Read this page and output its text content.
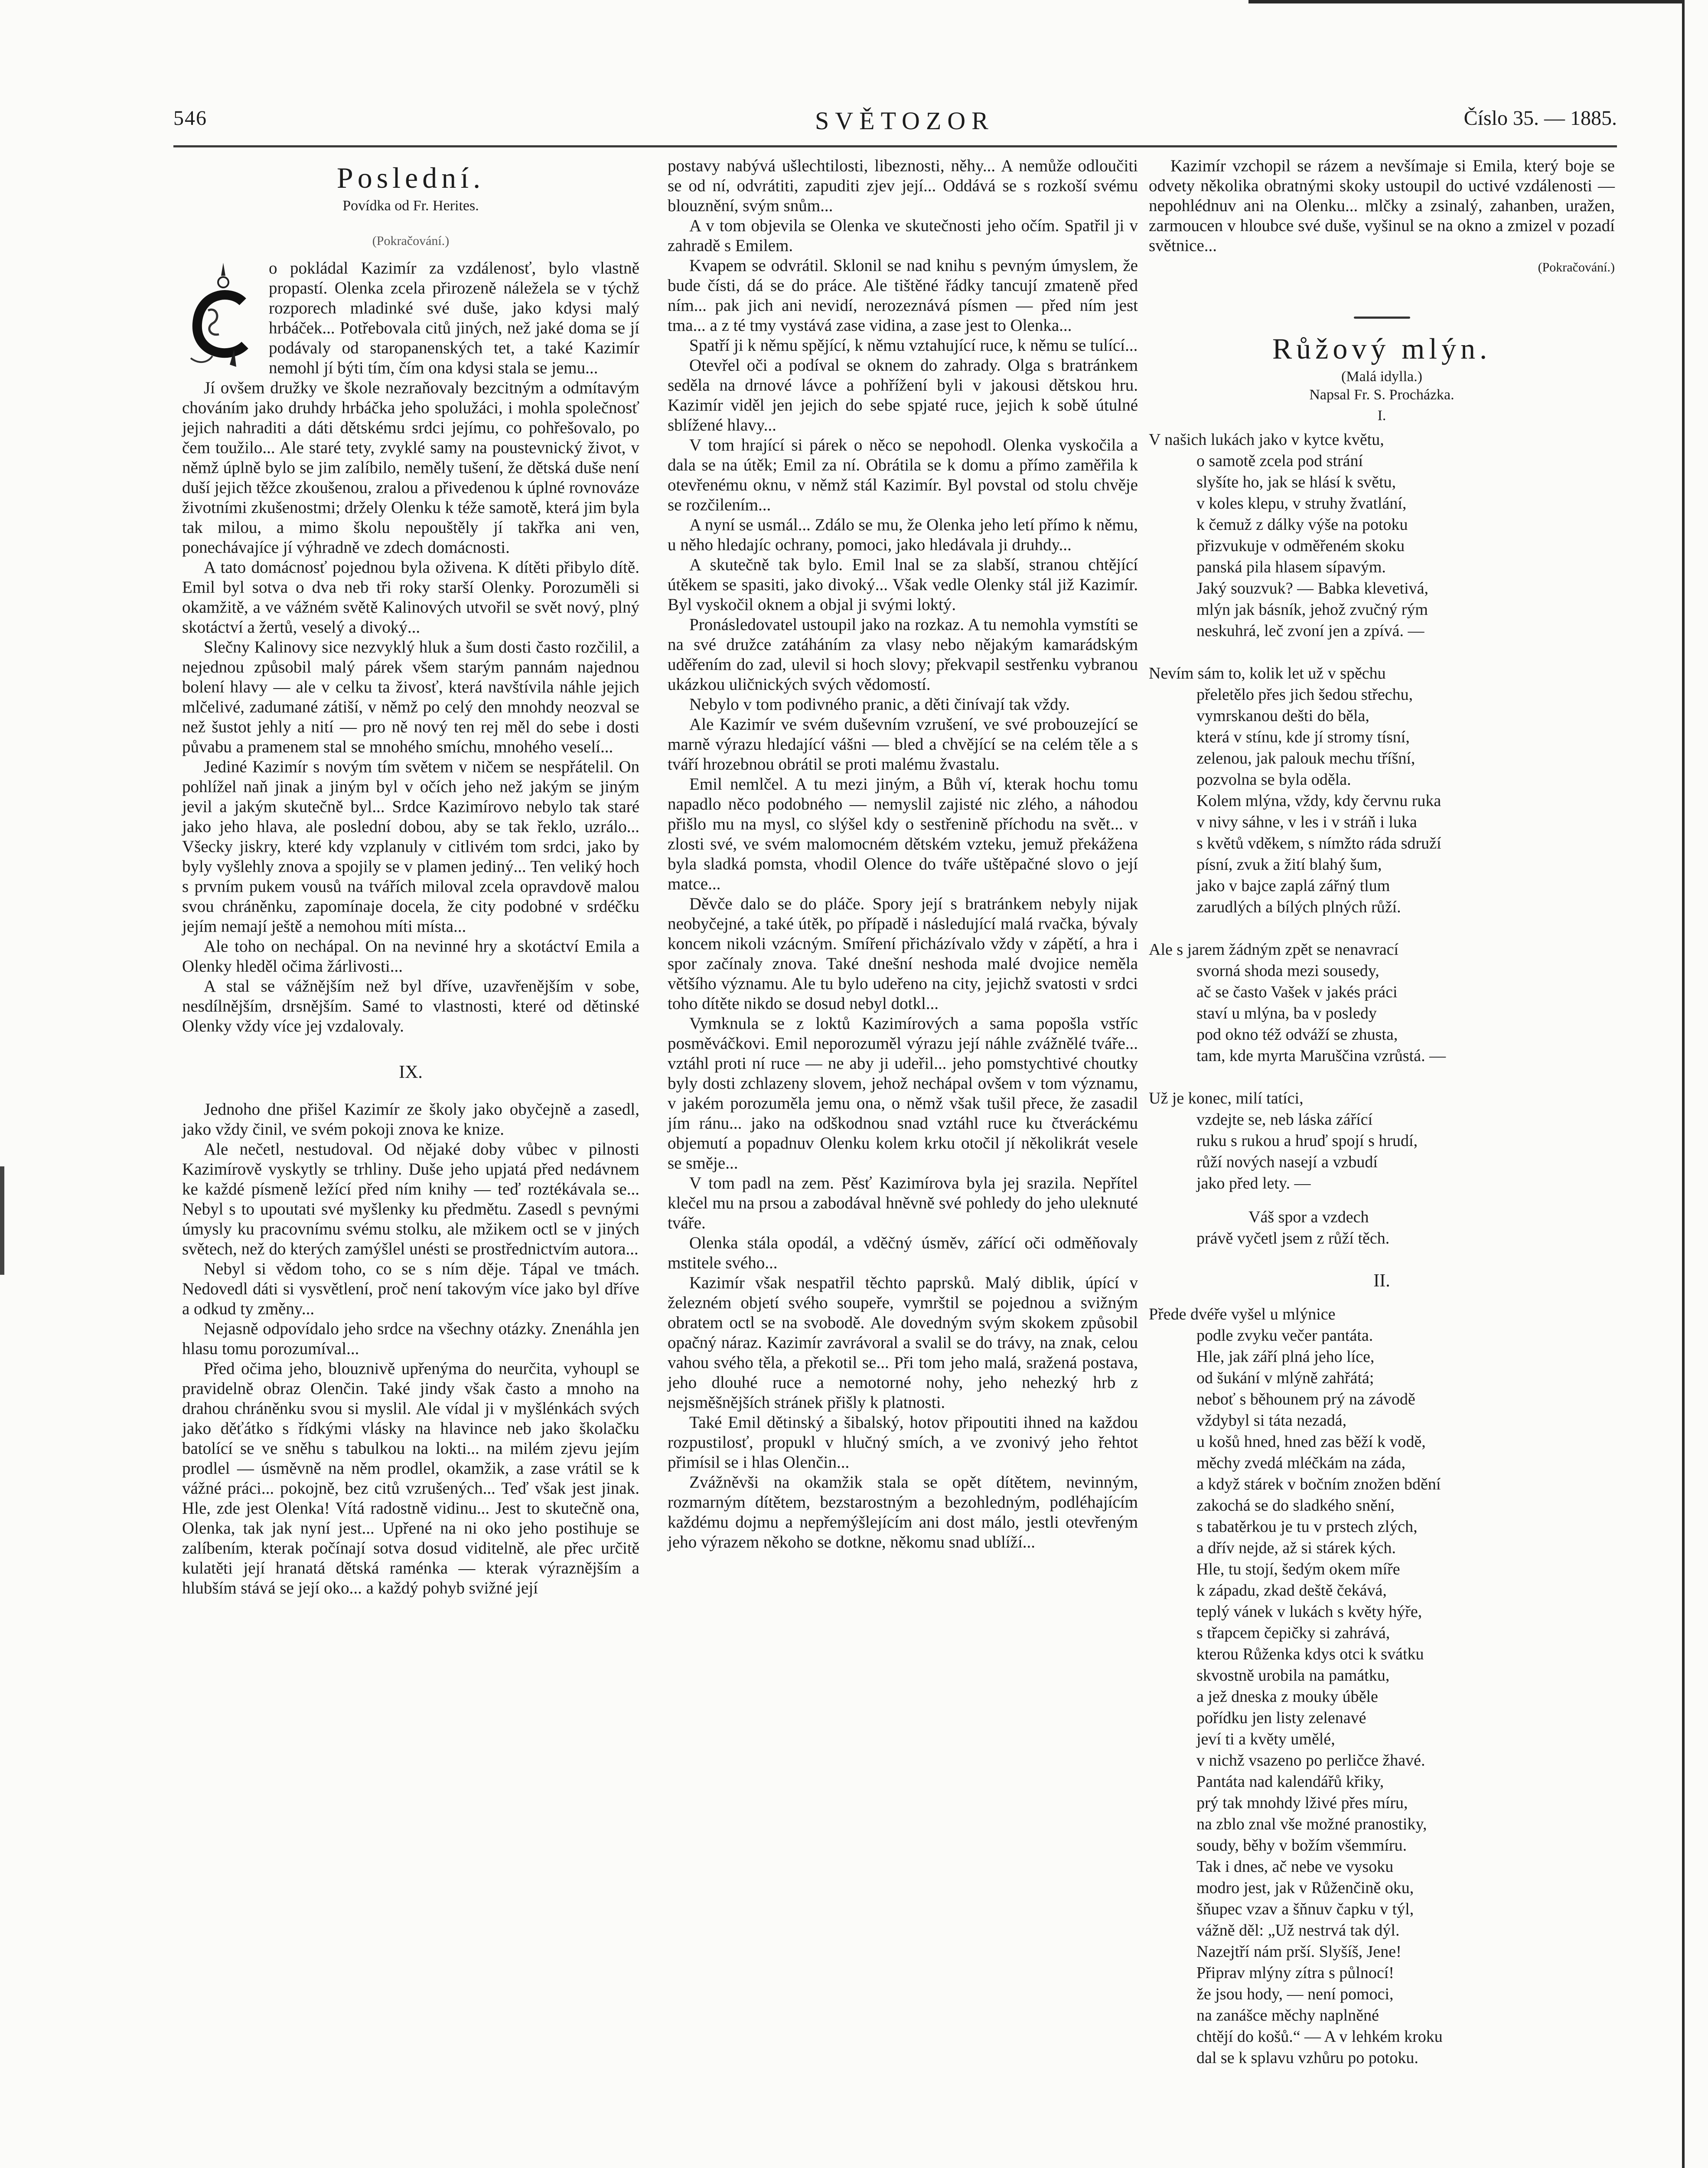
546	SVĚTOZOR	Číslo 35. — 1885.
Poslední.
Povídka od Fr. Herites.
(Pokračování.)

o pokládal Kazimír za vzdálenosť, bylo vlastně propastí. Olenka zcela přirozeně náležela se v týchž rozporech mladinké své duše, jako kdysi malý hrbáček... Potřebovala citů jiných, než jaké doma se jí podávaly od staropanenských tet, a také Kazimír nemohl jí býti tím, čím ona kdysi stala se jemu...

Jí ovšem družky ve škole nezraňovaly bezcitným a odmítavým chováním jako druhdy hrbáčka jeho spolužáci, i mohla společnosť jejich nahraditi a dáti dětskému srdci jejímu, co pohřešovalo, po čem toužilo... Ale staré tety, zvyklé samy na poustevnický život, v němž úplně bylo se jim zalíbilo, neměly tušení, že dětská duše není duší jejich těžce zkoušenou, zralou a přivedenou k úplné rovnováze životními zkušenostmi; držely Olenku k téže samotě, která jim byla tak milou, a mimo školu nepouštěly jí takřka ani ven, ponechávajíce jí výhradně ve zdech domácnosti.

A tato domácnosť pojednou byla oživena. K dítěti přibylo dítě. Emil byl sotva o dva neb tři roky starší Olenky. Porozuměli si okamžitě, a ve vážném světě Kalinových utvořil se svět nový, plný skotáctví a žertů, veselý a divoký...

Slečny Kalinovy sice nezvyklý hluk a šum dosti často rozčilil, a nejednou způsobil malý párek všem starým pannám najednou bolení hlavy — ale v celku ta živosť, která navštívila náhle jejich mlčelivé, zadumané zátiší, v němž po celý den mnohdy neozval se než šustot jehly a nití — pro ně nový ten rej měl do sebe i dosti půvabu a pramenem stal se mnohého smíchu, mnohého veselí...

Jediné Kazimír s novým tím světem v ničem se nespřátelil. On pohlížel naň jinak a jiným byl v očích jeho než jakým se jiným jevil a jakým skutečně byl... Srdce Kazimírovo nebylo tak staré jako jeho hlava, ale poslední dobou, aby se tak řeklo, uzrálo... Všecky jiskry, které kdy vzplanuly v citlivém tom srdci, jako by byly vyšlehly znova a spojily se v plamen jediný... Ten veliký hoch s prvním pukem vousů na tvářích miloval zcela opravdově malou svou chráněnku, zapomínaje docela, že city podobné v srdéčku jejím nemají ještě a nemohou míti místa...

Ale toho on nechápal. On na nevinné hry a skotáctví Emila a Olenky hleděl očima žárlivosti...

A stal se vážnějším než byl dříve, uzavřenějším v sobe, nesdílnějším, drsnějším. Samé to vlastnosti, které od dětinské Olenky vždy více jej vzdalovaly.

IX.

Jednoho dne přišel Kazimír ze školy jako obyčejně a zasedl, jako vždy činil, ve svém pokoji znova ke knize.

Ale nečetl, nestudoval. Od nějaké doby vůbec v pilnosti Kazimírově vyskytly se trhliny. Duše jeho upjatá před nedávnem ke každé písmeně ležící před ním knihy — teď roztékávala se... Nebyl s to upoutati své myšlenky ku předmětu. Zasedl s pevnými úmysly ku pracovnímu svému stolku, ale mžikem octl se v jiných světech, než do kterých zamýšlel unésti se prostřednictvím autora...

Nebyl si vědom toho, co se s ním děje. Tápal ve tmách. Nedovedl dáti si vysvětlení, proč není takovým více jako byl dříve a odkud ty změny...

Nejasně odpovídalo jeho srdce na všechny otázky. Znenáhla jen hlasu tomu porozumíval...

Před očima jeho, blouznivě upřenýma do neurčita, vyhoupl se pravidelně obraz Olenčin. Také jindy však často a mnoho na drahou chráněnku svou si myslil. Ale vídal ji v myšlénkách svých jako děťátko s řídkými vlásky na hlavince neb jako školačku batolící se ve sněhu s tabulkou na lokti... na milém zjevu jejím prodlel — úsměvně na něm prodlel, okamžik, a zase vrátil se k vážné práci... pokojně, bez citů vzrušených... Teď však jest jinak. Hle, zde jest Olenka! Vítá radostně vidinu... Jest to skutečně ona, Olenka, tak jak nyní jest... Upřené na ni oko jeho postihuje se zalíbením, kterak počínají sotva dosud viditelně, ale přec určitě kulatěti její hranatá dětská raménka — kterak výraznějším a hlubším stává se její oko... a každý pohyb svižné její

postavy nabývá ušlechtilosti, libeznosti, něhy... A nemůže odloučiti se od ní, odvrátiti, zapuditi zjev její... Oddává se s rozkoší svému blouznění, svým snům...

A v tom objevila se Olenka ve skutečnosti jeho očím. Spatřil ji v zahradě s Emilem.

Kvapem se odvrátil. Sklonil se nad knihu s pevným úmyslem, že bude čísti, dá se do práce. Ale tištěné řádky tancují zmateně před ním... pak jich ani nevidí, nerozeznává písmen — před ním jest tma... a z té tmy vystává zase vidina, a zase jest to Olenka...

Spatří ji k němu spějící, k němu vztahující ruce, k němu se tulící...

Otevřel oči a podíval se oknem do zahrady. Olga s bratránkem seděla na drnové lávce a pohřížení byli v jakousi dětskou hru. Kazimír viděl jen jejich do sebe spjaté ruce, jejich k sobě útulné sblížené hlavy...

V tom hrající si párek o něco se nepohodl. Olenka vyskočila a dala se na útěk; Emil za ní. Obrátila se k domu a přímo zaměřila k otevřenému oknu, v němž stál Kazimír. Byl povstal od stolu chvěje se rozčilením...

A nyní se usmál... Zdálo se mu, že Olenka jeho letí přímo k němu, u něho hledajíc ochrany, pomoci, jako hledávala ji druhdy...

A skutečně tak bylo. Emil lnal se za slabší, stranou chtějící útěkem se spasiti, jako divoký... Však vedle Olenky stál již Kazimír. Byl vyskočil oknem a objal ji svými loktý.

Pronásledovatel ustoupil jako na rozkaz. A tu nemohla vymstíti se na své družce zatáháním za vlasy nebo nějakým kamarádským uděřením do zad, ulevil si hoch slovy; překvapil sestřenku vybranou ukázkou uličnických svých vědomostí.

Nebylo v tom podivného pranic, a děti činívají tak vždy.

Ale Kazimír ve svém duševním vzrušení, ve své probouzející se marně výrazu hledající vášni — bled a chvějící se na celém těle a s tváří hrozebnou obrátil se proti malému žvastalu.

Emil nemlčel. A tu mezi jiným, a Bůh ví, kterak hochu tomu napadlo něco podobného — nemyslil zajisté nic zlého, a náhodou přišlo mu na mysl, co slýšel kdy o sestřenině příchodu na svět... v zlosti své, ve svém malomocném dětském vzteku, jemuž překážena byla sladká pomsta, vhodil Olence do tváře uštěpačné slovo o její matce...

Děvče dalo se do pláče. Spory její s bratránkem nebyly nijak neobyčejné, a také útěk, po případě i následující malá rvačka, bývaly koncem nikoli vzácným. Smíření přicházívalo vždy v zápětí, a hra i spor začínaly znova. Také dnešní neshoda malé dvojice neměla většího významu. Ale tu bylo udeřeno na city, jejichž svatosti v srdci toho dítěte nikdo se dosud nebyl dotkl...

Vymknula se z loktů Kazimírových a sama popošla vstříc posměváčkovi. Emil neporozuměl výrazu její náhle zvážnělé tváře... vztáhl proti ní ruce — ne aby ji udeřil... jeho pomstychtivé choutky byly dosti zchlazeny slovem, jehož nechápal ovšem v tom významu, v jakém porozuměla jemu ona, o němž však tušil přece, že zasadil jím ránu... jako na odškodnou snad vztáhl ruce ku čtveráckému objemutí a popadnuv Olenku kolem krku otočil jí několikrát vesele se směje...

V tom padl na zem. Pěsť Kazimírova byla jej srazila. Nepřítel klečel mu na prsou a zabodával hněvně své pohledy do jeho uleknuté tváře.

Olenka stála opodál, a vděčný úsměv, zářící oči odměňovaly mstitele svého...

Kazimír však nespatřil těchto paprsků. Malý diblik, úpící v železném objetí svého soupeře, vymrštil se pojednou a svižným obratem octl se na svobodě. Ale dovedným svým skokem způsobil opačný náraz. Kazimír zavrávoral a svalil se do trávy, na znak, celou vahou svého těla, a překotil se... Při tom jeho malá, sražená postava, jeho dlouhé ruce a nemotorné nohy, jeho nehezký hrb z nejsměšnějších stránek přišly k platnosti.

Také Emil dětinský a šibalský, hotov připoutiti ihned na každou rozpustilosť, propukl v hlučný smích, a ve zvonivý jeho řehtot přimísil se i hlas Olenčin...

Zvážněvši na okamžik stala se opět dítětem, nevinným, rozmarným dítětem, bezstarostným a bezohledným, podléhajícím každému dojmu a nepřemýšlejícím ani dost málo, jestli otevřeným jeho výrazem někoho se dotkne, někomu snad ublíží...

Kazimír vzchopil se rázem a nevšímaje si Emila, který boje se odvety několika obratnými skoky ustoupil do uctivé vzdálenosti — nepohlédnuv ani na Olenku... mlčky a zsinalý, zahanben, uražen, zarmoucen v hloubce své duše, vyšinul se na okno a zmizel v pozadí světnice...

(Pokračování.)
Růžový mlýn.
(Malá idylla.)
Napsal Fr. S. Procházka.
I.
V našich lukách jako v kytce květu,
o samotě zcela pod strání
slyšíte ho, jak se hlásí k světu,
v koles klepu, v struhy žvatlání,
k čemuž z dálky výše na potoku
přizvukuje v odměřeném skoku
panská pila hlasem sípavým.
Jaký souzvuk? — Babka klevetivá,
mlýn jak básník, jehož zvučný rým
neskuhrá, leč zvoní jen a zpívá. —
Nevím sám to, kolik let už v spěchu
přeletělo přes jich šedou střechu,
vymrskanou dešti do běla,
která v stínu, kde jí stromy tísní,
zelenou, jak palouk mechu tříšní,
pozvolna se byla oděla.
Kolem mlýna, vždy, kdy červnu ruka
v nivy sáhne, v les i v stráň i luka
s květů vděkem, s nímžto ráda sdruží
písní, zvuk a žití blahý šum,
jako v bajce zaplá zářný tlum
zarudlých a bílých plných růží.
Ale s jarem žádným zpět se nenavrací
svorná shoda mezi sousedy,
ač se často Vašek v jakés práci
staví u mlýna, ba v posledy
pod okno též odváží se zhusta,
tam, kde myrta Maruščina vzrůstá. —
Už je konec, milí tatíci,
vzdejte se, neb láska zářící
ruku s rukou a hruď spojí s hrudí,
růží nových nasejí a vzbudí
jako před lety. —
Váš spor a vzdech
právě vyčetl jsem z růží těch.
II.
Přede dvéře vyšel u mlýnice
podle zvyku večer pantáta.
Hle, jak září plná jeho líce,
od šukání v mlýně zahřátá;
neboť s běhounem prý na závodě
vždybyl si táta nezadá,
u košů hned, hned zas běží k vodě,
měchy zvedá mléčkám na záda,
a když stárek v bočním znožen bdění
zakochá se do sladkého snění,
s tabatěrkou je tu v prstech zlých,
a dřív nejde, až si stárek kých.
Hle, tu stojí, šedým okem míře
k západu, zkad deště čekává,
teplý vánek v lukách s květy hýře,
s třapcem čepičky si zahrává,
kterou Růženka kdys otci k svátku
skvostně urobila na památku,
a jež dneska z mouky úběle
pořídku jen listy zelenavé
jeví ti a květy umělé,
v nichž vsazeno po perličce žhavé.
Pantáta nad kalendářů křiky,
prý tak mnohdy lživé přes míru,
na zblo znal vše možné pranostiky,
soudy, běhy v božím všemmíru.
Tak i dnes, ač nebe ve vysoku
modro jest, jak v Růženčině oku,
šňupec vzav a šňnuv čapku v týl,
vážně děl: „Už nestrvá tak dýl.
Nazejtří nám prší. Slyšíš, Jene!
Připrav mlýny zítra s půlnocí!
že jsou hody, — není pomoci,
na zanášce měchy naplněné
chtějí do košů.“ — A v lehkém kroku
dal se k splavu vzhůru po potoku.
